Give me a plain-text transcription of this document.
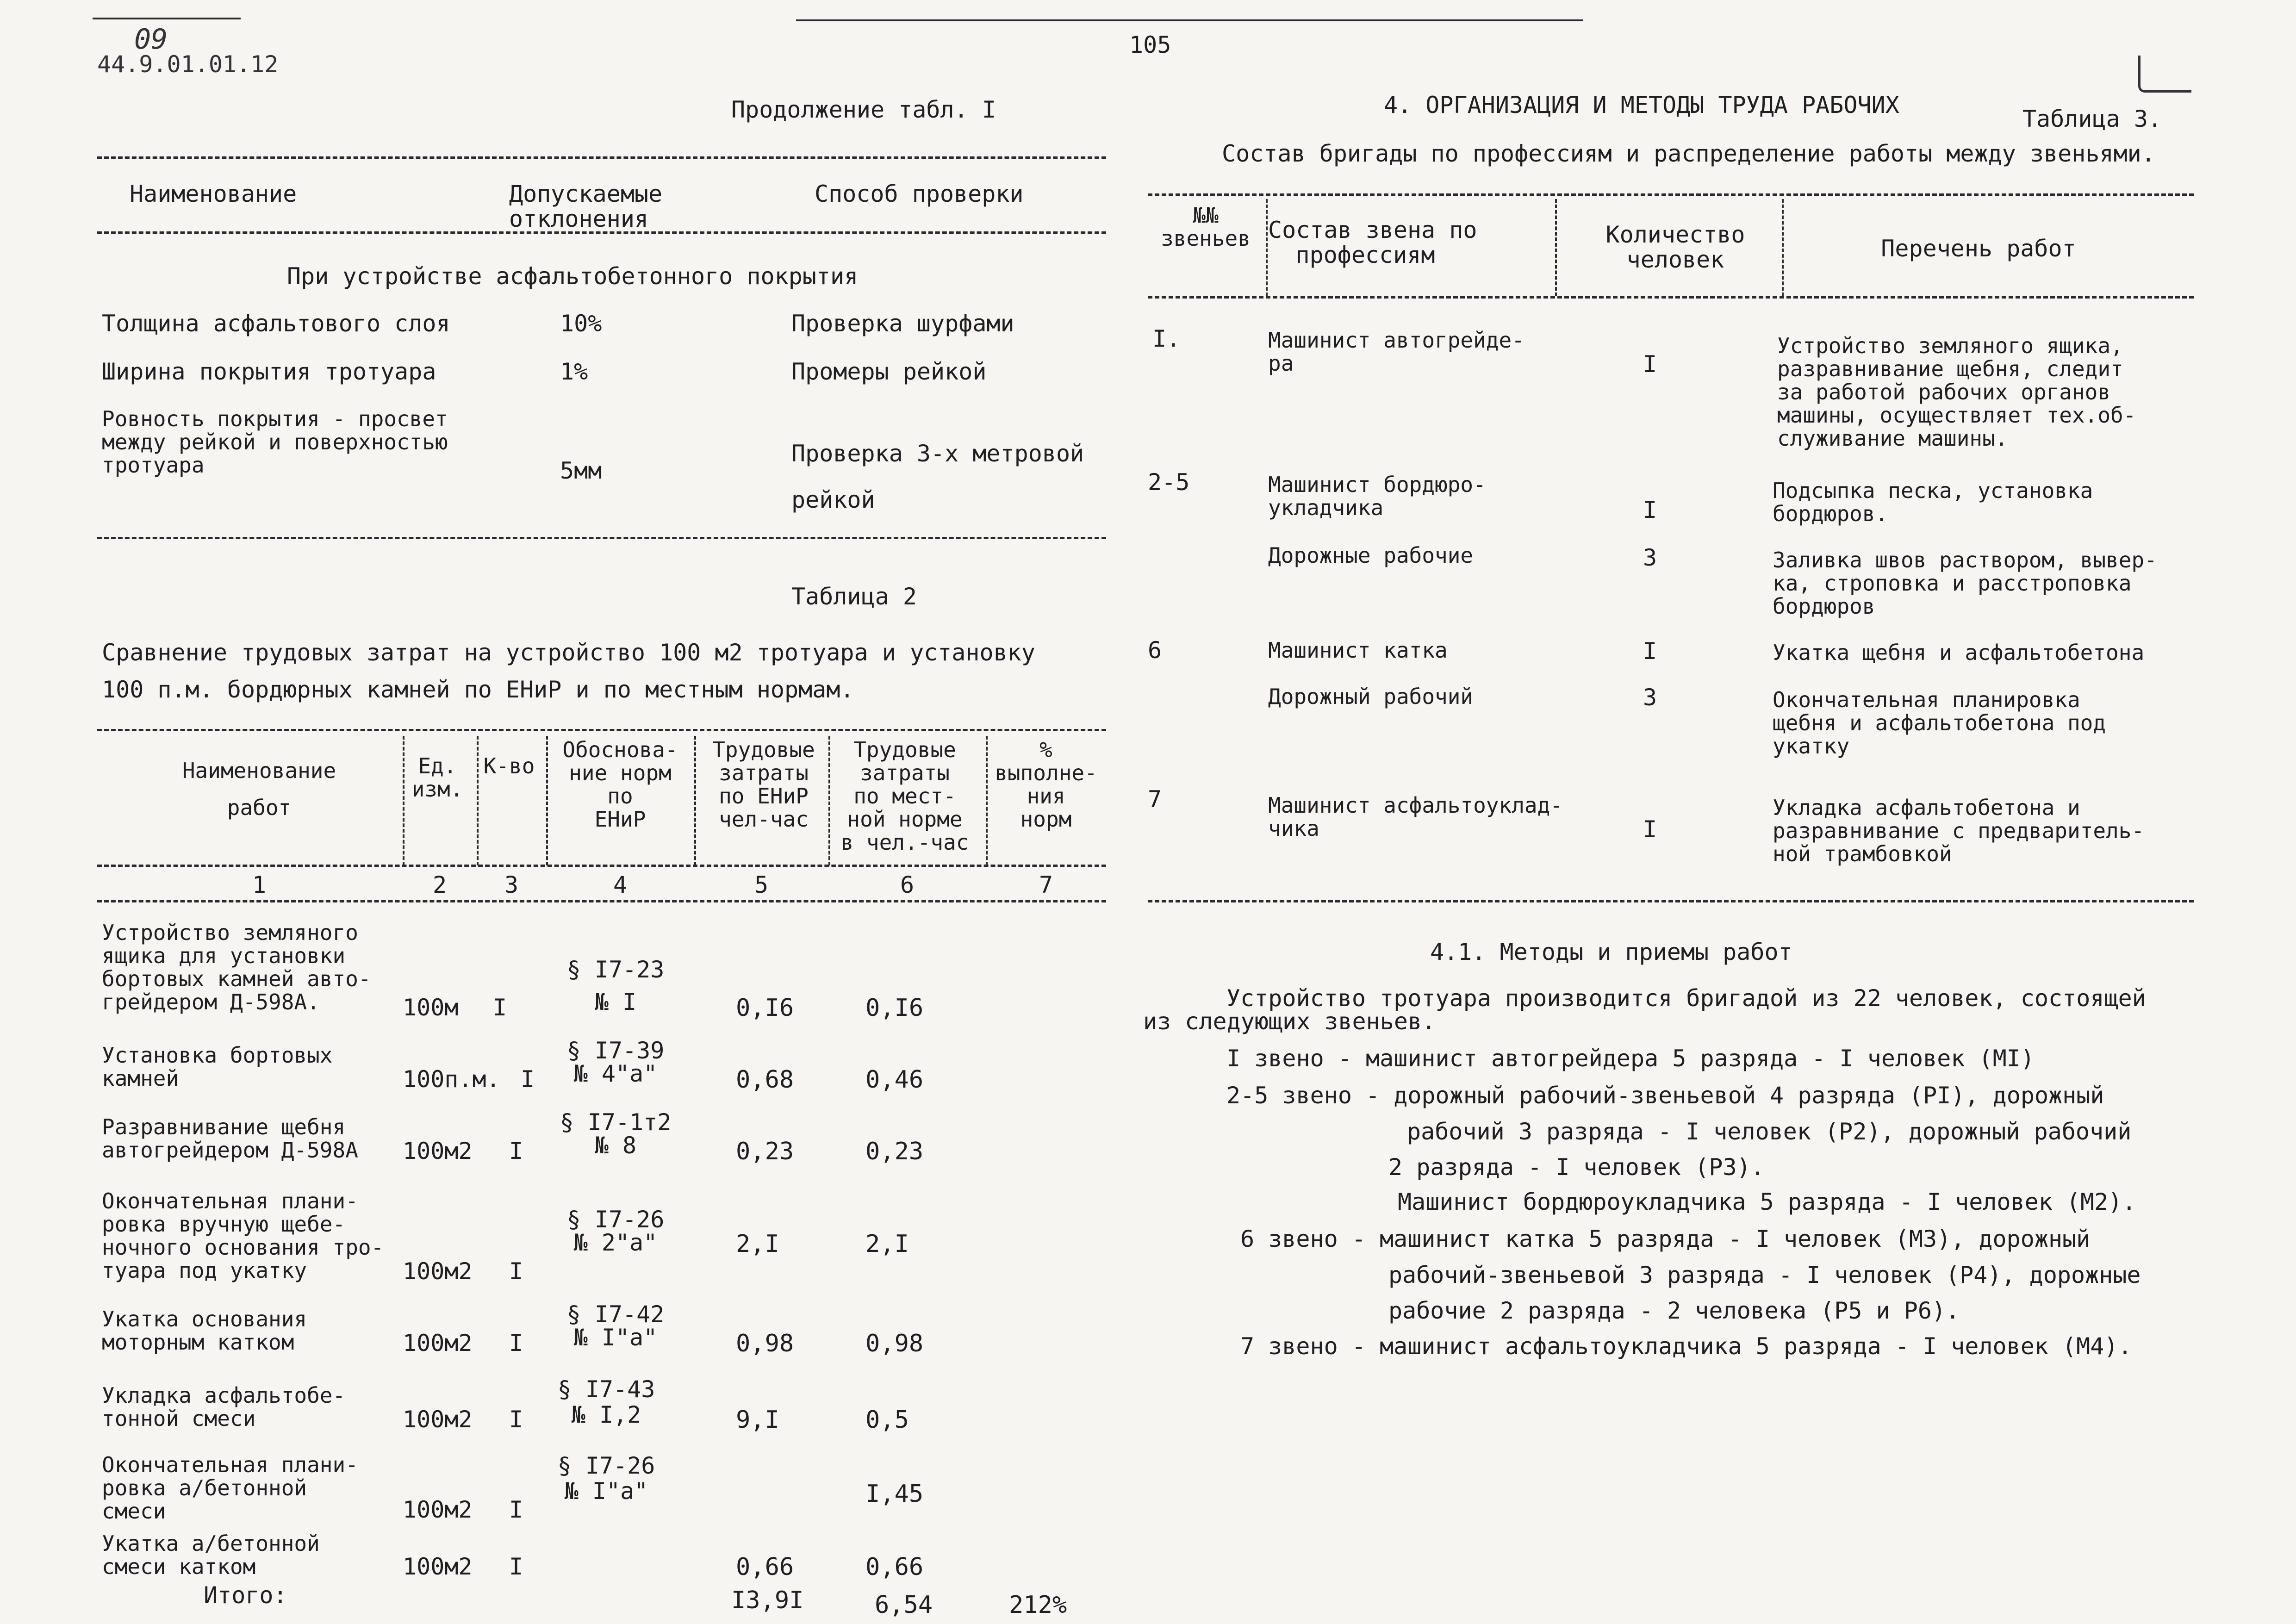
09
44.9.01.01.12
105
Продолжение табл. I
Наименование	Допускаемые отклонения
Способ проверки
При устройстве асфальтобетонного покрытия
Толщина асфальтового слоя	10%	Проверка шурфами
Ширина покрытия тротуара	1%	Промеры рейкой
Ровность покрытия - просвет
между рейкой и поверхностью
тротуара	5мм
Проверка 3-х метровой
рейкой
Таблица 2
Сравнение трудовых затрат на устройство 100 м2 тротуара и установку
100 п.м. бордюрных камней по ЕНиР и по местным нормам.
Наименование
работ
Ед.
изм.
К-во
Обоснова-
ние норм
по
ЕНиР
Трудовые
затраты
по ЕНиР
чел-час
Трудовые
затраты
по мест-
ной норме
в чел.-час
%
выполне-
ния
норм
1	2	3	4	5	6	7
Устройство земляного
ящика для установки
бортовых камней авто-
грейдером Д-598А.	100м I
§ I7-23
№ I	0,I6	0,I6
Установка бортовых
камней	100п.м. I
§ I7-39
№ 4"а"	0,68	0,46
Разравнивание щебня
автогрейдером Д-598А 100м2 I
§ I7-1т2
№ 8	0,23	0,23
Окончательная плани-
ровка вручную щебе-
ночного основания тро-
туара под укатку	100м2 I
§ I7-26
№ 2"а"	2,I	2,I
Укатка основания
моторным катком	100м2 I
§ I7-42
№ I"а"	0,98	0,98
Укладка асфальтобе-
тонной смеси	100м2 I
§ I7-43
№ I,2	9,I	0,5
Окончательная плани-
ровка а/бетонной
смеси	100м2 I
§ I7-26
№ I"а"	I,45
Укатка а/бетонной
смеси катком	100м2 I	0,66	0,66
Итого:	I3,9I	6,54	212%
4. ОРГАНИЗАЦИЯ И МЕТОДЫ ТРУДА РАБОЧИХ
Таблица 3.
Состав бригады по профессиям и распределение работы между звеньями.
№№
звеньев Состав звена по
профессиям
Количество
человек	Перечень работ
I.	Машинист автогрейде-
ра	I
Устройство земляного ящика,
разравнивание щебня, следит
за работой рабочих органов
машины, осуществляет тех.об-
служивание машины.
2-5	Машинист бордюро-
укладчика	I
Подсыпка песка, установка
бордюров.
Дорожные рабочие	3	Заливка швов раствором, вывер-
ка, строповка и расстроповка
бордюров
6	Машинист катка	I	Укатка щебня и асфальтобетона
Дорожный рабочий	3	Окончательная планировка
щебня и асфальтобетона под
укатку
7	Машинист асфальтоуклад-
чика	I
Укладка асфальтобетона и
разравнивание с предваритель-
ной трамбовкой
4.1. Методы и приемы работ
Устройство тротуара производится бригадой из 22 человек, состоящей
из следующих звеньев.
I звено - машинист автогрейдера 5 разряда - I человек (МI)
2-5 звено - дорожный рабочий-звеньевой 4 разряда (РI), дорожный
рабочий 3 разряда - I человек (Р2), дорожный рабочий
2 разряда - I человек (Р3).
Машинист бордюроукладчика 5 разряда - I человек (М2).
6 звено - машинист катка 5 разряда - I человек (М3), дорожный
рабочий-звеньевой 3 разряда - I человек (Р4), дорожные
рабочие 2 разряда - 2 человека (Р5 и Р6).
7 звено - машинист асфальтоукладчика 5 разряда - I человек (М4).
